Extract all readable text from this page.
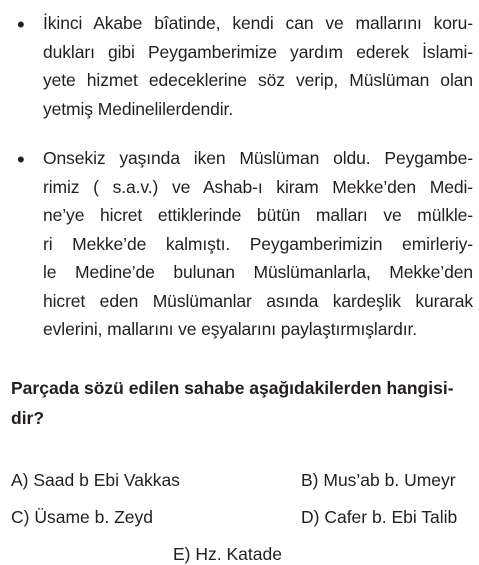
• İkinci Akabe bîatinde, kendi can ve mallarını koru-
dukları gibi Peygamberimize yardım ederek İslami-
yete hizmet edeceklerine söz verip, Müslüman olan
yetmiş Medinelilerdendir.
• Onsekiz yaşında iken Müslüman oldu. Peygambe-
rimiz ( s.a.v.) ve Ashab-ı kiram Mekke’den Medi-
ne’ye hicret ettiklerinde bütün malları ve mülkle-
ri Mekke’de kalmıştı. Peygamberimizin emirleriy-
le Medine’de bulunan Müslümanlarla, Mekke’den
hicret eden Müslümanlar asında kardeşlik kurarak
evlerini, mallarını ve eşyalarını paylaştırmışlardır.
Parçada sözü edilen sahabe aşağıdakilerden hangisi-
dir?
A) Saad b Ebi Vakkas	B) Mus’ab b. Umeyr
C) Üsame b. Zeyd	D) Cafer b. Ebi Talib
E) Hz. Katade
